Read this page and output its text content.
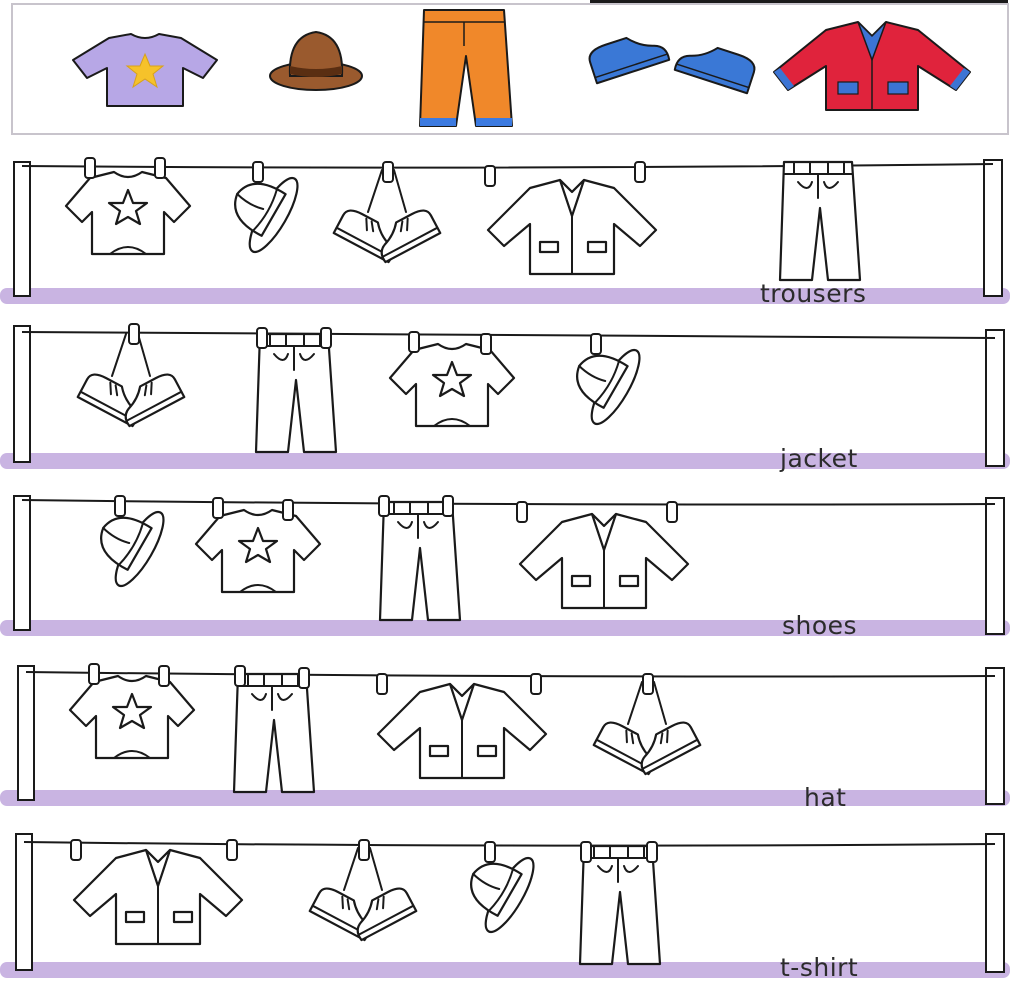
trousers
jacket
shoes
hat
t-shirt
